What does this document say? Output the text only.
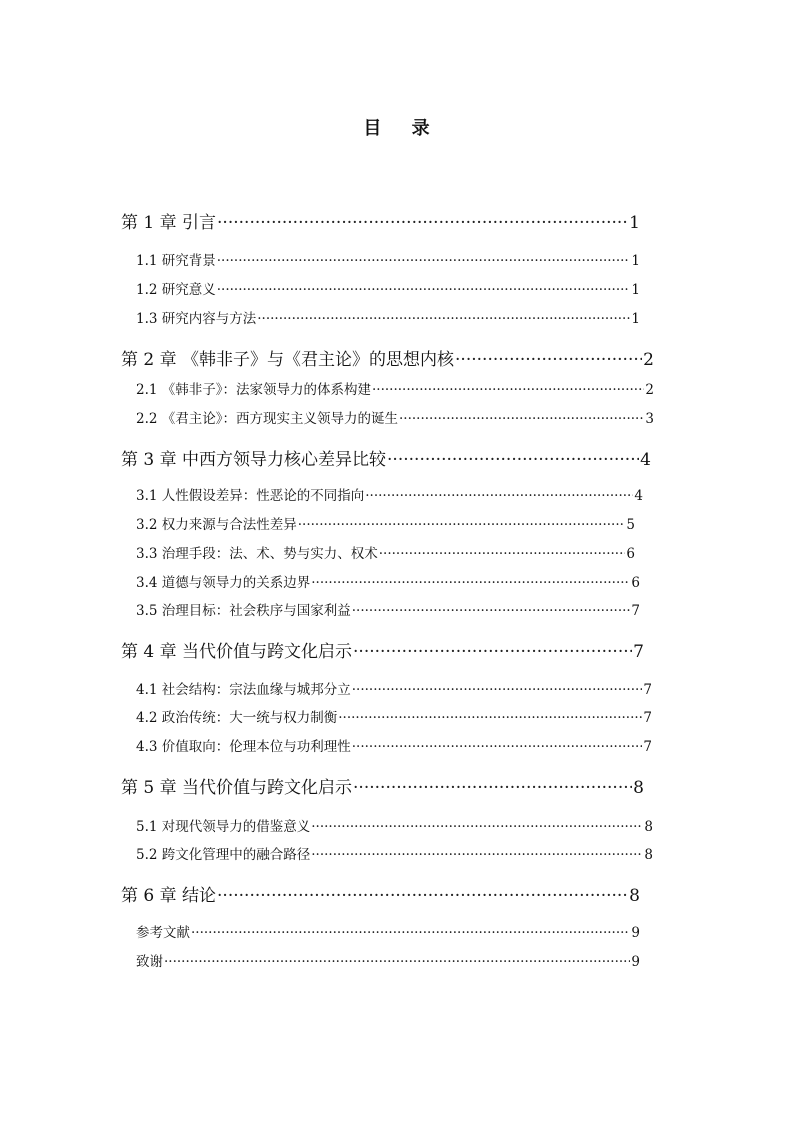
目 录
第 1 章 引言 ·····	1
1.1 研究背景 ·····	1
1.2 研究意义 ·····	1
1.3 研究内容与方法 ·····	1
第 2 章 《韩非子》与《君主论》的思想内核 ·····	2
2.1 《韩非子》：法家领导力的体系构建 ·····	2
2.2 《君主论》：西方现实主义领导力的诞生 ·····	3
第 3 章 中西方领导力核心差异比较 ·····	4
3.1 人性假设差异：性恶论的不同指向 ·····	4
3.2 权力来源与合法性差异 ·····	5
3.3 治理手段：法、术、势与实力、权术 ·····	6
3.4 道德与领导力的关系边界 ·····	6
3.5 治理目标：社会秩序与国家利益 ·····	7
第 4 章 当代价值与跨文化启示 ·····	7
4.1 社会结构：宗法血缘与城邦分立 ·····	7
4.2 政治传统：大一统与权力制衡 ·····	7
4.3 价值取向：伦理本位与功利理性 ·····	7
第 5 章 当代价值与跨文化启示 ·····	8
5.1 对现代领导力的借鉴意义 ·····	8
5.2 跨文化管理中的融合路径 ·····	8
第 6 章 结论 ·····	8
参考文献 ·····	9
致谢 ·····	9
